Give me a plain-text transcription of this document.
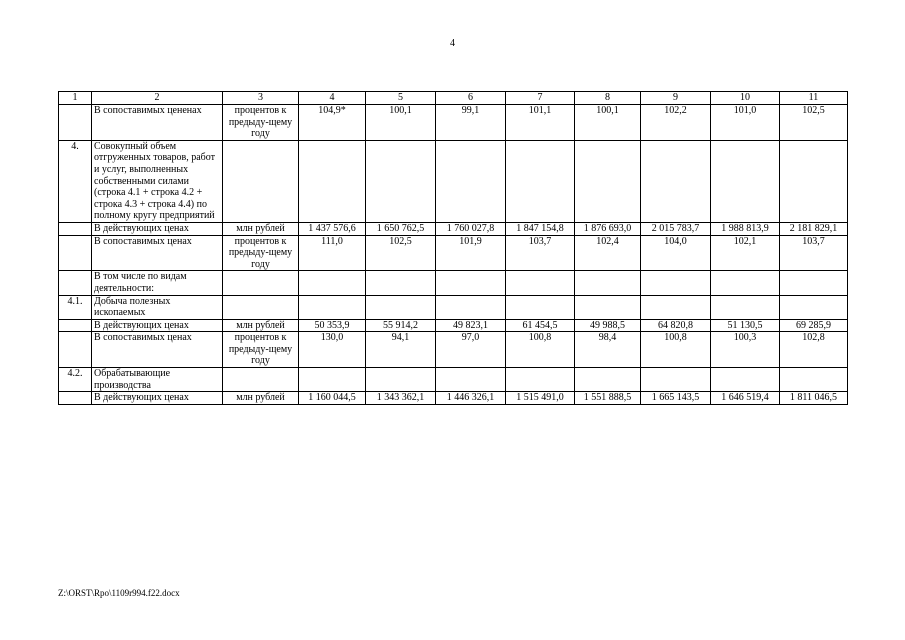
4
1	2	3	4	5	6	7	8	9	10	11
	В сопоставимых цененах	процентов к предыду-щему году	104,9*	100,1	99,1	101,1	100,1	102,2	101,0	102,5
4.	Совокупный объем отгруженных товаров, работ и услуг, выполненных собственными силами (строка 4.1 + строка 4.2 + строка 4.3 + строка 4.4) по полному кругу предприятий									
	В действующих ценах	млн рублей	1 437 576,6	1 650 762,5	1 760 027,8	1 847 154,8	1 876 693,0	2 015 783,7	1 988 813,9	2 181 829,1
	В сопоставимых ценах	процентов к предыду-щему году	111,0	102,5	101,9	103,7	102,4	104,0	102,1	103,7
	В том числе по видам деятельности:									
4.1.	Добыча полезных ископаемых									
	В действующих ценах	млн рублей	50 353,9	55 914,2	49 823,1	61 454,5	49 988,5	64 820,8	51 130,5	69 285,9
	В сопоставимых ценах	процентов к предыду-щему году	130,0	94,1	97,0	100,8	98,4	100,8	100,3	102,8
4.2.	Обрабатывающие производства									
	В действующих ценах	млн рублей	1 160 044,5	1 343 362,1	1 446 326,1	1 515 491,0	1 551 888,5	1 665 143,5	1 646 519,4	1 811 046,5
Z:\ORST\Rpo\1109r994.f22.docx
